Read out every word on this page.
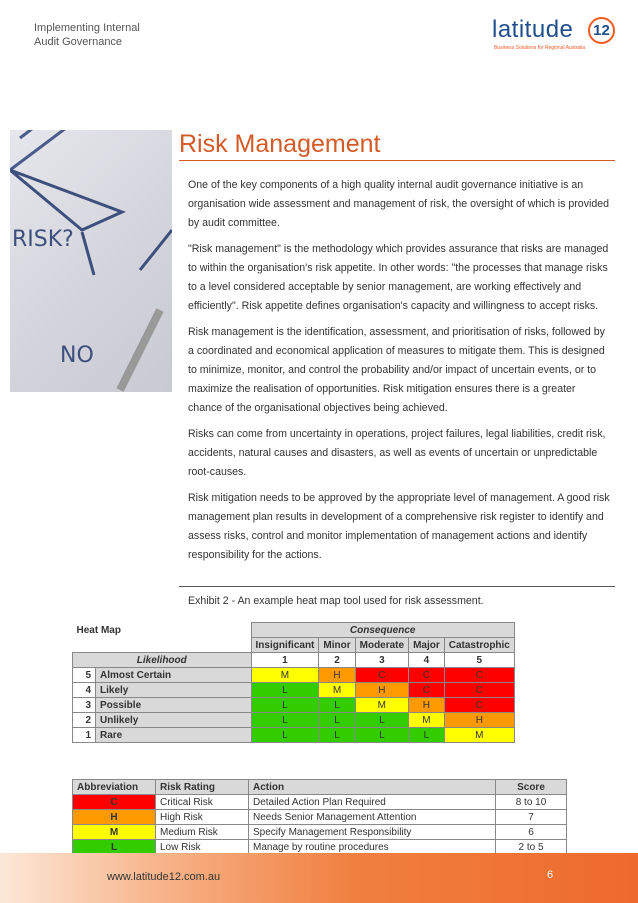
Implementing Internal
Audit Governance	latitude	12
Business Solutions for Regional Australia
RISK?
NO
Risk Management

One of the key components of a high quality internal audit governance initiative is an organisation wide assessment and management of risk, the oversight of which is provided by audit committee.

"Risk management" is the methodology which provides assurance that risks are managed to within the organisation's risk appetite. In other words: "the processes that manage risks to a level considered acceptable by senior management, are working effectively and efficiently". Risk appetite defines organisation's capacity and willingness to accept risks.

Risk management is the identification, assessment, and prioritisation of risks, followed by a coordinated and economical application of measures to mitigate them. This is designed to minimize, monitor, and control the probability and/or impact of uncertain events, or to maximize the realisation of opportunities. Risk mitigation ensures there is a greater chance of the organisational objectives being achieved.

Risks can come from uncertainty in operations, project failures, legal liabilities, credit risk, accidents, natural causes and disasters, as well as events of uncertain or unpredictable root-causes.

Risk mitigation needs to be approved by the appropriate level of management. A good risk management plan results in development of a comprehensive risk register to identify and assess risks, control and monitor implementation of management actions and identify responsibility for the actions.

Exhibit 2 - An example heat map tool used for risk assessment.
Heat Map		Consequence				
		Insignificant	Minor	Moderate	Major	Catastrophic
Likelihood		1	2	3	4	5
5	Almost Certain	M	H	C	C	C
4	Likely	L	M	H	C	C
3	Possible	L	L	M	H	C
2	Unlikely	L	L	L	M	H
1	Rare	L	L	L	L	M
Abbreviation	Risk Rating	Action	Score
C	Critical Risk	Detailed Action Plan Required	8 to 10
H	High Risk	Needs Senior Management Attention	7
M	Medium Risk	Specify Management Responsibility	6
L	Low Risk	Manage by routine procedures	2 to 5
www.latitude12.com.au	6
